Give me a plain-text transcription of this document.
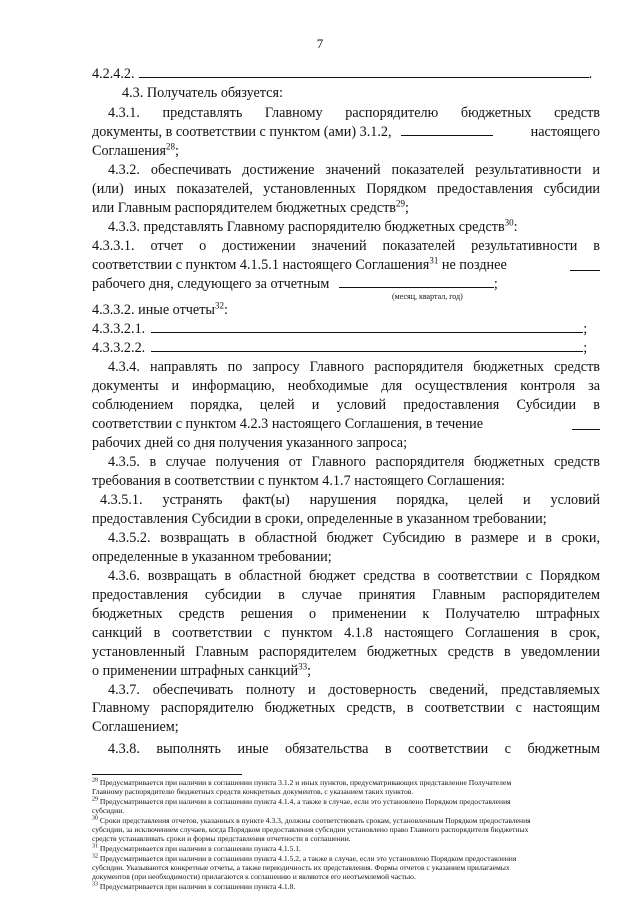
7
4.2.4.2.	.
4.3. Получатель обязуется:
4.3.1. представлять Главному распорядителю бюджетных средств
документы, в соответствии с пунктом (ами) 3.1.2,	настоящего
Соглашения$^{28}$;
4.3.2. обеспечивать достижение значений показателей результативности и
(или) иных показателей, установленных Порядком предоставления субсидии
или Главным распорядителем бюджетных средств$^{29}$;
4.3.3. представлять Главному распорядителю бюджетных средств$^{30}$:
4.3.3.1. отчет о достижении значений показателей результативности в
соответствии с пунктом 4.1.5.1 настоящего Соглашения$^{31}$ не позднее
рабочего дня, следующего за отчетным	;
(месяц, квартал, год)
4.3.3.2. иные отчеты$^{32}$:
4.3.3.2.1.	;
4.3.3.2.2.	;
4.3.4. направлять по запросу Главного распорядителя бюджетных средств
документы и информацию, необходимые для осуществления контроля за
соблюдением порядка, целей и условий предоставления Субсидии в
соответствии с пунктом 4.2.3 настоящего Соглашения, в течение
рабочих дней со дня получения указанного запроса;
4.3.5. в случае получения от Главного распорядителя бюджетных средств
требования в соответствии с пунктом 4.1.7 настоящего Соглашения:
4.3.5.1. устранять факт(ы) нарушения порядка, целей и условий
предоставления Субсидии в сроки, определенные в указанном требовании;
4.3.5.2. возвращать в областной бюджет Субсидию в размере и в сроки,
определенные в указанном требовании;
4.3.6. возвращать в областной бюджет средства в соответствии с Порядком
предоставления субсидии в случае принятия Главным распорядителем
бюджетных средств решения о применении к Получателю штрафных
санкций в соответствии с пунктом 4.1.8 настоящего Соглашения в срок,
установленный Главным распорядителем бюджетных средств в уведомлении
о применении штрафных санкций$^{33}$;
4.3.7. обеспечивать полноту и достоверность сведений, представляемых
Главному распорядителю бюджетных средств, в соответствии с настоящим
Соглашением;
4.3.8. выполнять иные обязательства в соответствии с бюджетным
$^{28}$ Предусматривается при наличии в соглашении пункта 3.1.2 и иных пунктов, предусматривающих представление Получателем
Главному распорядителю бюджетных средств конкретных документов, с указанием таких пунктов.
$^{29}$ Предусматривается при наличии в соглашении пункта 4.1.4, а также в случае, если это установлено Порядком предоставления
субсидии.
$^{30}$ Сроки представления отчетов, указанных в пункте 4.3.3, должны соответствовать срокам, установленным Порядком предоставления
субсидии, за исключением случаев, когда Порядком предоставления субсидии установлено право Главного распорядителя бюджетных
средств устанавливать сроки и формы представления отчетности в соглашении.
$^{31}$ Предусматривается при наличии в соглашении пункта 4.1.5.1.
$^{32}$ Предусматривается при наличии в соглашении пункта 4.1.5.2, а также в случае, если это установлено Порядком предоставления
субсидии. Указываются конкретные отчеты, а также периодичность их представления. Формы отчетов с указанием прилагаемых
документов (при необходимости) прилагаются к соглашению и являются его неотъемлемой частью.
$^{33}$ Предусматривается при наличии в соглашении пункта 4.1.8.
